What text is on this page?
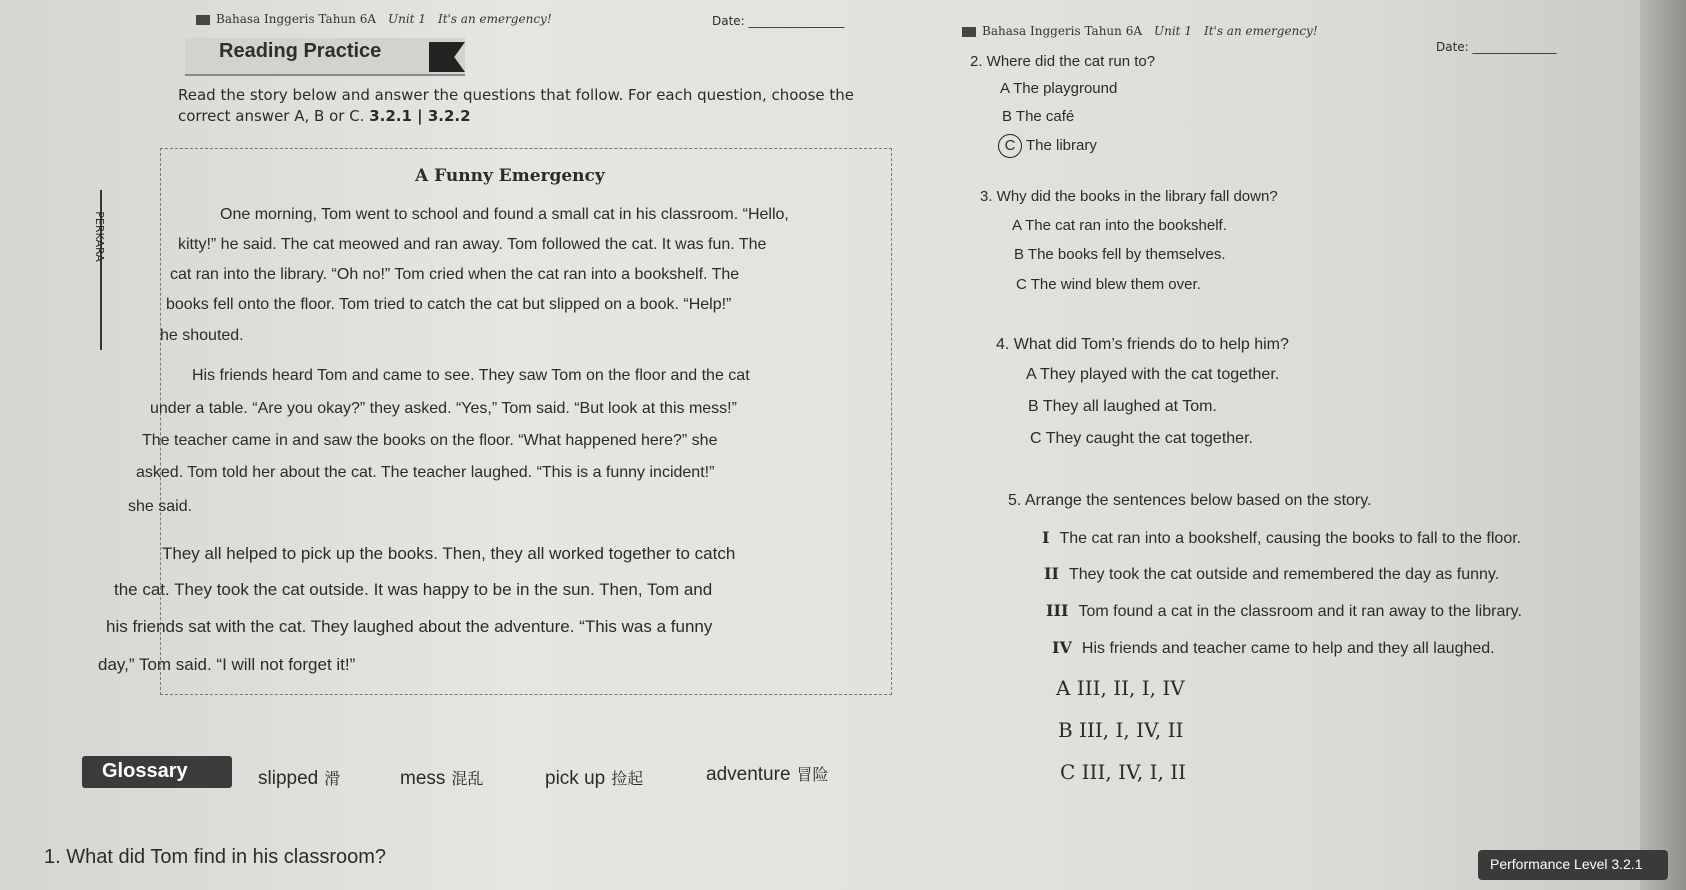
Bahasa Inggeris Tahun 6A Unit 1 It's an emergency!	Date: ________________
Reading Practice
Read the story below and answer the questions that follow. For each question, choose the correct answer A, B or C. 3.2.1 | 3.2.2
PERKARA
A Funny Emergency
One morning, Tom went to school and found a small cat in his classroom. “Hello,
kitty!” he said. The cat meowed and ran away. Tom followed the cat. It was fun. The
cat ran into the library. “Oh no!” Tom cried when the cat ran into a bookshelf. The
books fell onto the floor. Tom tried to catch the cat but slipped on a book. “Help!”
he shouted.
His friends heard Tom and came to see. They saw Tom on the floor and the cat
under a table. “Are you okay?” they asked. “Yes,” Tom said. “But look at this mess!”
The teacher came in and saw the books on the floor. “What happened here?” she
asked. Tom told her about the cat. The teacher laughed. “This is a funny incident!”
she said.
They all helped to pick up the books. Then, they all worked together to catch
the cat. They took the cat outside. It was happy to be in the sun. Then, Tom and
his friends sat with the cat. They laughed about the adventure. “This was a funny
day,” Tom said. “I will not forget it!”
Glossary	slipped 滑	mess 混乱	pick up 捡起	adventure 冒险
1. What did Tom find in his classroom?
Bahasa Inggeris Tahun 6A Unit 1 It's an emergency!
Date: ______________
2. Where did the cat run to?
A The playground
B The café
C The library
3. Why did the books in the library fall down?
A The cat ran into the bookshelf.
B The books fell by themselves.
C The wind blew them over.
4. What did Tom’s friends do to help him?
A They played with the cat together.
B They all laughed at Tom.
C They caught the cat together.
5. Arrange the sentences below based on the story.
I The cat ran into a bookshelf, causing the books to fall to the floor.
II They took the cat outside and remembered the day as funny.
III Tom found a cat in the classroom and it ran away to the library.
IV His friends and teacher came to help and they all laughed.
A III, II, I, IV
B III, I, IV, II
C III, IV, I, II
Performance Level 3.2.1
